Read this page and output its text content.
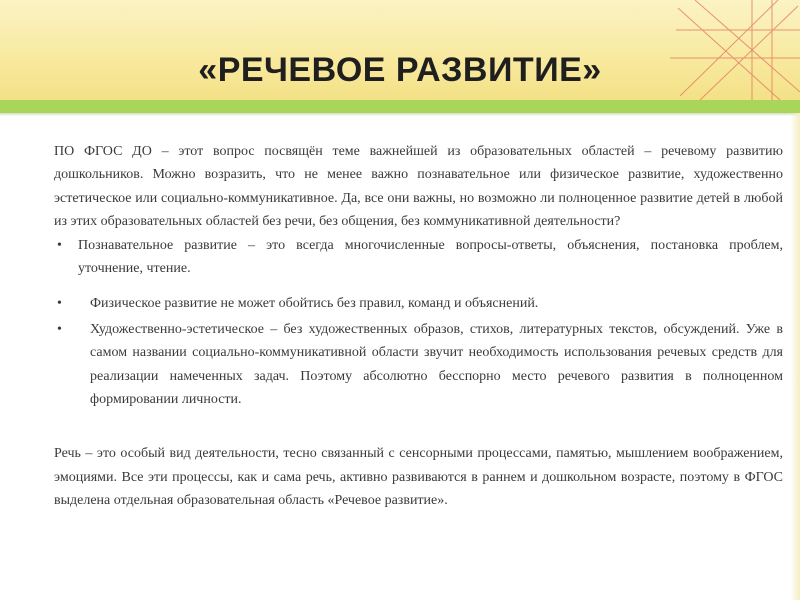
«РЕЧЕВОЕ РАЗВИТИЕ»

ПО ФГОС ДО – этот вопрос посвящён теме важнейшей из образовательных областей – речевому развитию дошкольников. Можно возразить, что не менее важно познавательное или физическое развитие, художественно эстетическое или социально-коммуникативное. Да, все они важны, но возможно ли полноценное развитие детей в любой из этих образовательных областей без речи, без общения, без коммуникативной деятельности?

• Познавательное развитие – это всегда многочисленные вопросы-ответы, объяснения, постановка проблем, уточнение, чтение.
• Физическое развитие не может обойтись без правил, команд и объяснений.
• Художественно-эстетическое – без художественных образов, стихов, литературных текстов, обсуждений. Уже в самом названии социально-коммуникативной области звучит необходимость использования речевых средств для реализации намеченных задач. Поэтому абсолютно бесспорно место речевого развития в полноценном формировании личности.

Речь – это особый вид деятельности, тесно связанный с сенсорными процессами, памятью, мышлением воображением, эмоциями. Все эти процессы, как и сама речь, активно развиваются в раннем и дошкольном возрасте, поэтому в ФГОС выделена отдельная образовательная область «Речевое развитие».
